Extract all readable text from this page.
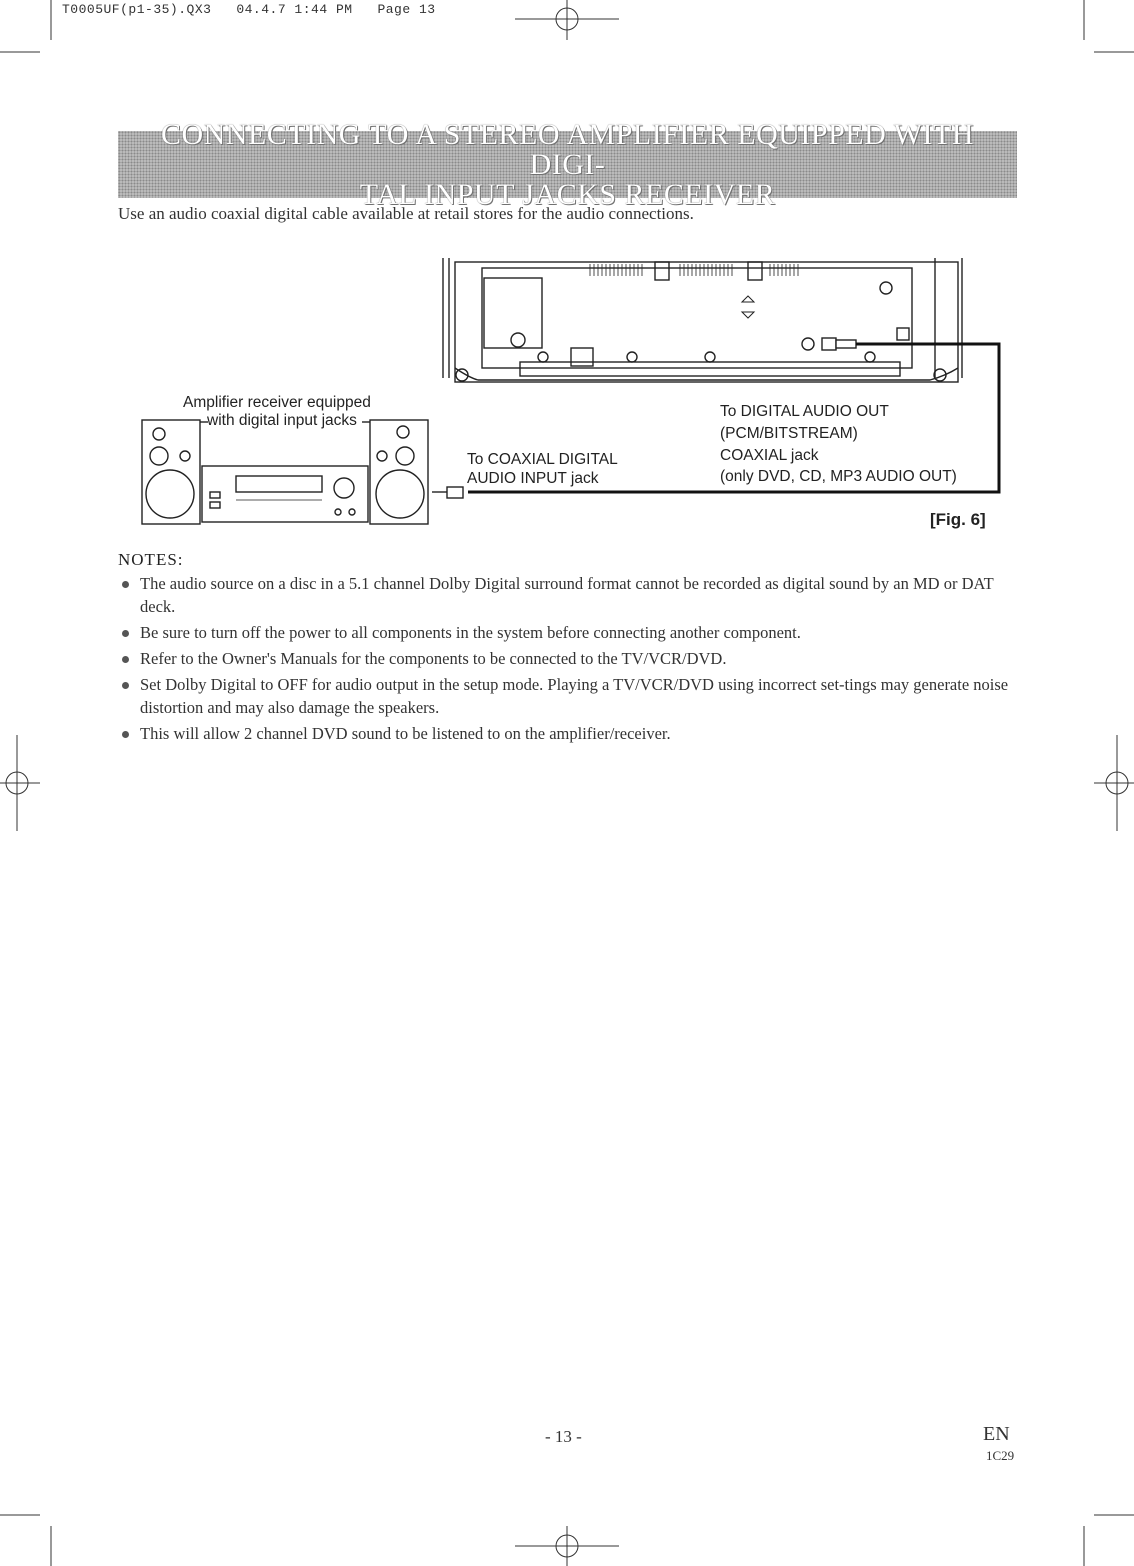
T0005UF(p1-35).QX3   04.4.7 1:44 PM   Page 13
CONNECTING TO A STEREO AMPLIFIER EQUIPPED WITH DIGI-
TAL INPUT JACKS RECEIVER
Use an audio coaxial digital cable available at retail stores for the audio connections.
Amplifier receiver equipped
with digital input jacks
To COAXIAL DIGITAL
AUDIO INPUT jack
To DIGITAL AUDIO OUT
(PCM/BITSTREAM)
COAXIAL jack
(only DVD, CD, MP3 AUDIO OUT)
[Fig. 6]
NOTES:
The audio source on a disc in a 5.1 channel Dolby Digital surround format cannot be recorded as digital sound by an MD or DAT deck.
Be sure to turn off the power to all components in the system before connecting another component.
Refer to the Owner's Manuals for the components to be connected to the TV/VCR/DVD.
Set Dolby Digital to OFF for audio output in the setup mode. Playing a TV/VCR/DVD using incorrect set-tings may generate noise distortion and may also damage the speakers.
This will allow 2 channel DVD sound to be listened to on the amplifier/receiver.
- 13 -	EN
1C29
